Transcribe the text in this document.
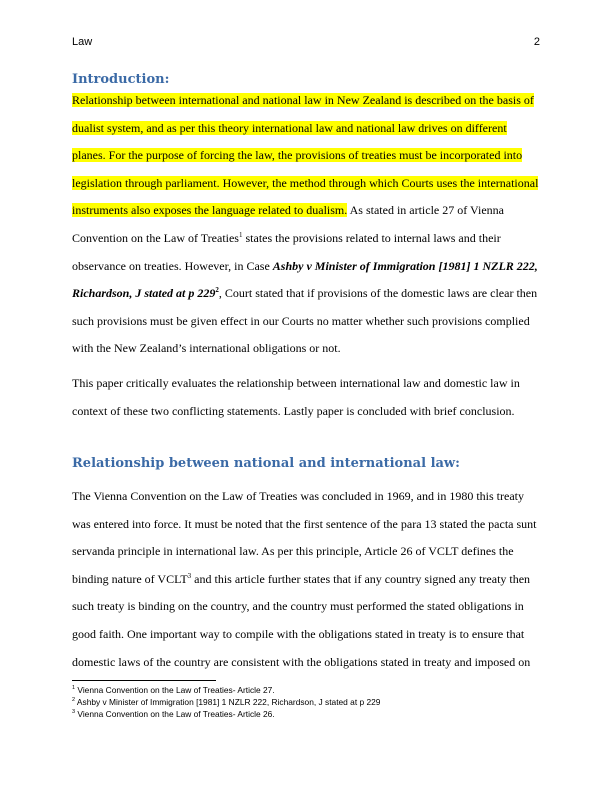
Law	2
Introduction:

Relationship between international and national law in New Zealand is described on the basis of dualist system, and as per this theory international law and national law drives on different planes. For the purpose of forcing the law, the provisions of treaties must be incorporated into legislation through parliament. However, the method through which Courts uses the international instruments also exposes the language related to dualism. As stated in article 27 of Vienna Convention on the Law of Treaties$^1$ states the provisions related to internal laws and their observance on treaties. However, in Case Ashby v Minister of Immigration [1981] 1 NZLR 222, Richardson, J stated at p $229^2$, Court stated that if provisions of the domestic laws are clear then such provisions must be given effect in our Courts no matter whether such provisions complied with the New Zealand’s international obligations or not.

This paper critically evaluates the relationship between international law and domestic law in context of these two conflicting statements. Lastly paper is concluded with brief conclusion.

Relationship between national and international law:

The Vienna Convention on the Law of Treaties was concluded in 1969, and in 1980 this treaty was entered into force. It must be noted that the first sentence of the para 13 stated the pacta sunt servanda principle in international law. As per this principle, Article 26 of VCLT defines the binding nature of VCLT$^3$ and this article further states that if any country signed any treaty then such treaty is binding on the country, and the country must performed the stated obligations in good faith. One important way to compile with the obligations stated in treaty is to ensure that domestic laws of the country are consistent with the obligations stated in treaty and imposed on

$^1$ Vienna Convention on the Law of Treaties- Article 27.
$^2$ Ashby v Minister of Immigration [1981] 1 NZLR 222, Richardson, J stated at p 229
$^3$ Vienna Convention on the Law of Treaties- Article 26.
